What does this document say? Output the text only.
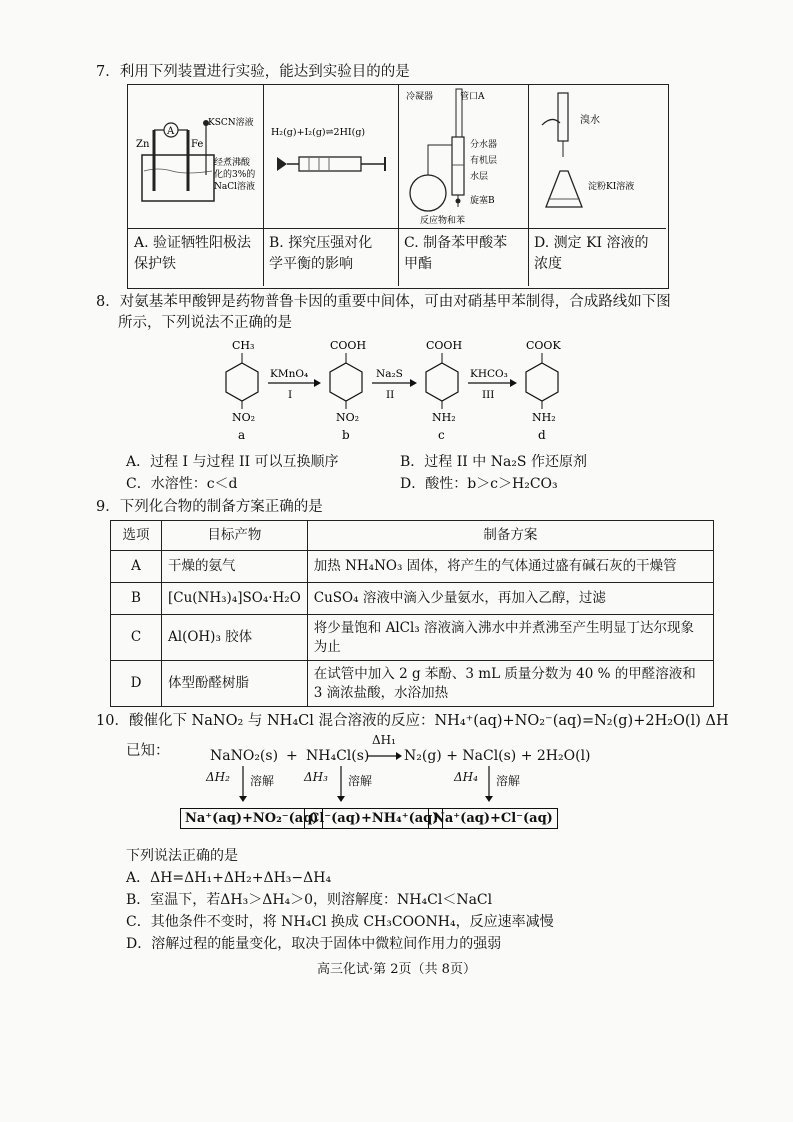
7．利用下列装置进行实验，能达到实验目的的是
A
Zn	Fe
KSCN溶液
经煮沸酸
化的3%的
NaCl溶液
A. 验证牺牲阳极法
保护铁
H₂(g)+I₂(g)⇌2HI(g)
B. 探究压强对化
学平衡的影响
冷凝器	管口A
分水器
有机层
水层
旋塞B
反应物和苯
C. 制备苯甲酸苯
甲酯
溴水
淀粉KI溶液
D. 测定 KI 溶液的
浓度
8．对氨基苯甲酸钾是药物普鲁卡因的重要中间体，可由对硝基甲苯制得，合成路线如下图
所示，下列说法不正确的是
CH₃
NO₂
a
KMnO₄
I
COOH
NO₂
b
Na₂S
II
COOH
NH₂
c
KHCO₃
III
COOK
NH₂
d
A．过程 I 与过程 II 可以互换顺序	B．过程 II 中 Na₂S 作还原剂
C．水溶性：c＜d	D．酸性：b＞c＞H₂CO₃
9．下列化合物的制备方案正确的是
选项	目标产物	制备方案
A	干燥的氨气	加热 NH₄NO₃ 固体，将产生的气体通过盛有碱石灰的干燥管
B	[Cu(NH₃)₄]SO₄·H₂O	CuSO₄ 溶液中滴入少量氨水，再加入乙醇，过滤
C	Al(OH)₃ 胶体	将少量饱和 AlCl₃ 溶液滴入沸水中并煮沸至产生明显丁达尔现象为止
D	体型酚醛树脂	在试管中加入 2 g 苯酚、3 mL 质量分数为 40 % 的甲醛溶液和 3 滴浓盐酸，水浴加热
10．酸催化下 NaNO₂ 与 NH₄Cl 混合溶液的反应：NH₄⁺(aq)+NO₂⁻(aq)=N₂(g)+2H₂O(l) ΔH
已知：	NaNO₂(s) + NH₄Cl(s)
ΔH₁
N₂(g) + NaCl(s) + 2H₂O(l)
ΔH₂ 溶解 ΔH₃ 溶解	ΔH₄ 溶解
Na⁺(aq)+NO₂⁻(aq)
Cl⁻(aq)+NH₄⁺(aq)
Na⁺(aq)+Cl⁻(aq)
下列说法正确的是
A．ΔH=ΔH₁+ΔH₂+ΔH₃−ΔH₄
B．室温下，若ΔH₃＞ΔH₄＞0，则溶解度：NH₄Cl＜NaCl
C．其他条件不变时，将 NH₄Cl 换成 CH₃COONH₄，反应速率减慢
D．溶解过程的能量变化，取决于固体中微粒间作用力的强弱
高三化试·第 2页（共 8页）
